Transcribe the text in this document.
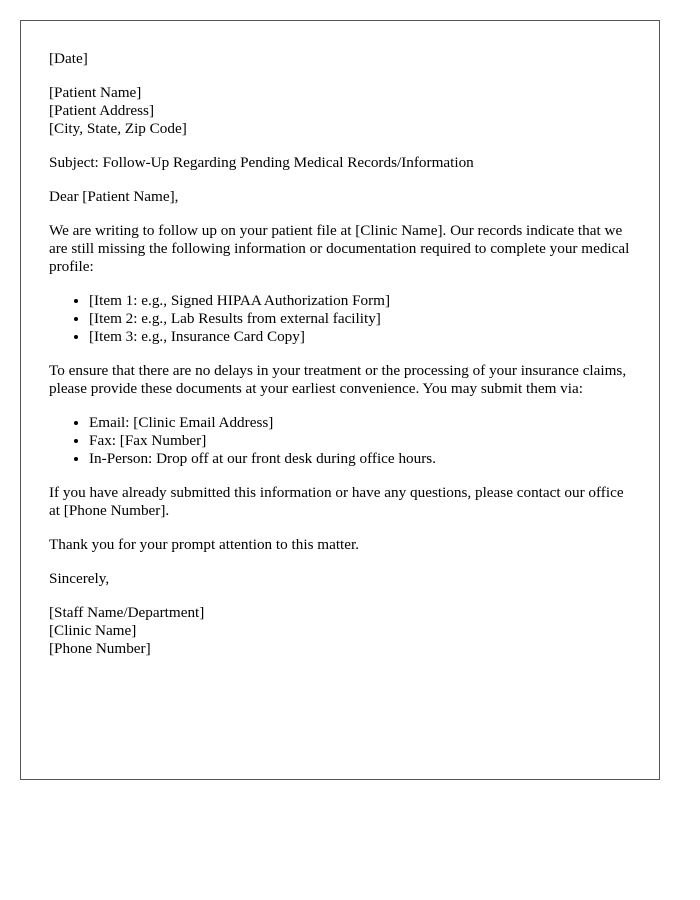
[Date]

[Patient Name]
[Patient Address]
[City, State, Zip Code]

Subject: Follow-Up Regarding Pending Medical Records/Information

Dear [Patient Name],

We are writing to follow up on your patient file at [Clinic Name]. Our records indicate that we are still missing the following information or documentation required to complete your medical profile:

• [Item 1: e.g., Signed HIPAA Authorization Form]
• [Item 2: e.g., Lab Results from external facility]
• [Item 3: e.g., Insurance Card Copy]

To ensure that there are no delays in your treatment or the processing of your insurance claims, please provide these documents at your earliest convenience. You may submit them via:

• Email: [Clinic Email Address]
• Fax: [Fax Number]
• In-Person: Drop off at our front desk during office hours.

If you have already submitted this information or have any questions, please contact our office at [Phone Number].

Thank you for your prompt attention to this matter.

Sincerely,

[Staff Name/Department]
[Clinic Name]
[Phone Number]
